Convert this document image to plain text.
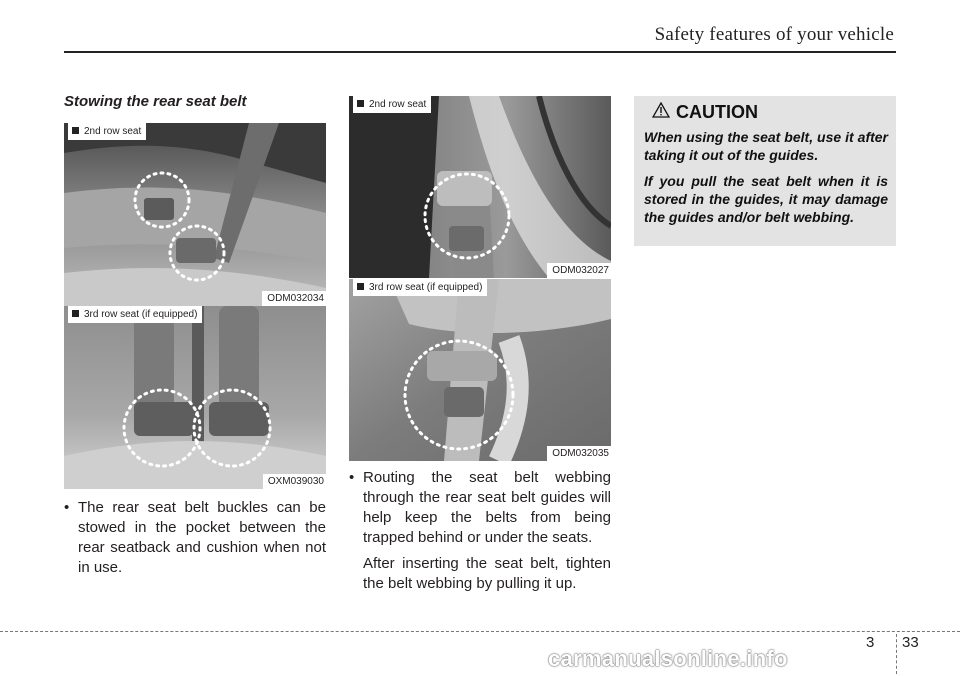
Safety features of your vehicle
Stowing the rear seat belt
2nd row seat
ODM032034
3rd row seat (if equipped)
OXM039030
2nd row seat
ODM032027
3rd row seat (if equipped)
ODM032035
• The rear seat belt buckles can be stowed in the pocket between the rear seatback and cushion when not in use.
• Routing the seat belt webbing through the rear seat belt guides will help keep the belts from being trapped behind or under the seats.
After inserting the seat belt, tighten the belt webbing by pulling it up.
CAUTION
When using the seat belt, use it after taking it out of the guides.
If you pull the seat belt when it is stored in the guides, it may damage the guides and/or belt webbing.
3 33
carmanualsonline.info
